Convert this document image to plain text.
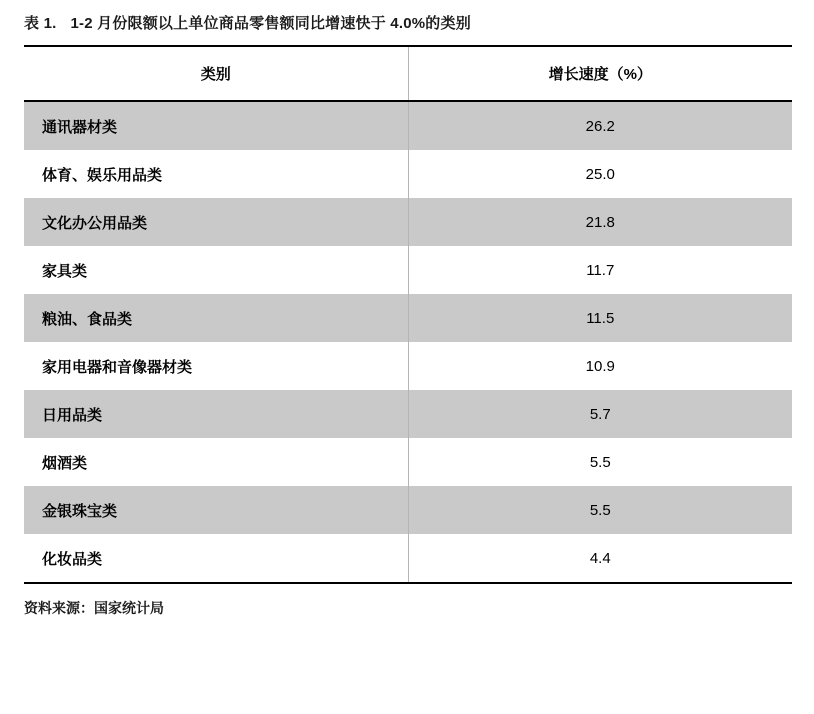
表 1. 1-2 月份限额以上单位商品零售额同比增速快于 4.0%的类别
类别	增长速度（%）
通讯器材类	26.2
体育、娱乐用品类	25.0
文化办公用品类	21.8
家具类	11.7
粮油、食品类	11.5
家用电器和音像器材类	10.9
日用品类	5.7
烟酒类	5.5
金银珠宝类	5.5
化妆品类	4.4
资料来源：国家统计局
